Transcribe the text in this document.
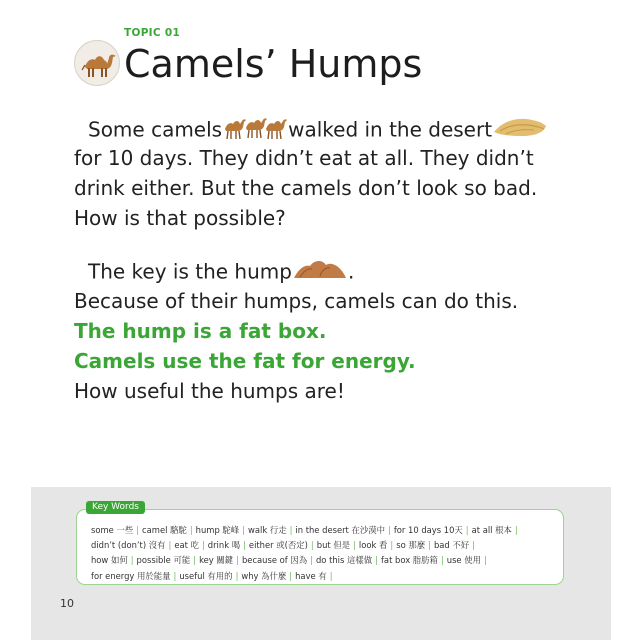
TOPIC 01
Camels’ Humps
Some camels	walked in the desert
for 10 days. They didn’t eat at all. They didn’t
drink either. But the camels don’t look so bad.
How is that possible?
The key is the hump	.
Because of their humps, camels can do this.
The hump is a fat box.
Camels use the fat for energy.
How useful the humps are!
Key Words
some 一些 | camel 駱駝 | hump 駝峰 | walk 行走 | in the desert 在沙漠中 | for 10 days 10天 | at all 根本 |
didn’t (don’t) 沒有 | eat 吃 | drink 喝 | either 或(否定) | but 但是 | look 看 | so 那麼 | bad 不好 |
how 如何 | possible 可能 | key 關鍵 | because of 因為 | do this 這樣做 | fat box 脂肪箱 | use 使用 |
for energy 用於能量 | useful 有用的 | why 為什麼 | have 有 |
10
